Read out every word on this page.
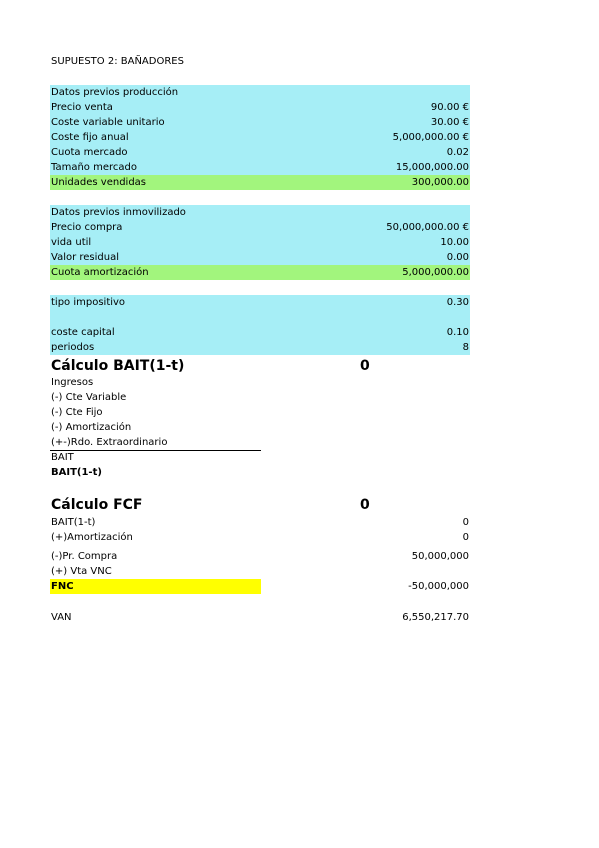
SUPUESTO 2: BAÑADORES
Datos previos producción
Precio venta	90.00 €
Coste variable unitario	30.00 €
Coste fijo anual	5,000,000.00 €
Cuota mercado	0.02
Tamaño mercado	15,000,000.00
Unidades vendidas	300,000.00
Datos previos inmovilizado
Precio compra	50,000,000.00 €
vida util	10.00
Valor residual	0.00
Cuota amortización	5,000,000.00
tipo impositivo	0.30
coste capital	0.10
periodos	8
Cálculo BAIT(1-t)	0
Ingresos
(-) Cte Variable
(-) Cte Fijo
(-) Amortización
(+-)Rdo. Extraordinario
BAIT
BAIT(1-t)
Cálculo FCF	0
BAIT(1-t)	0
(+)Amortización	0
(-)Pr. Compra	50,000,000
(+) Vta VNC
FNC	-50,000,000
VAN	6,550,217.70
